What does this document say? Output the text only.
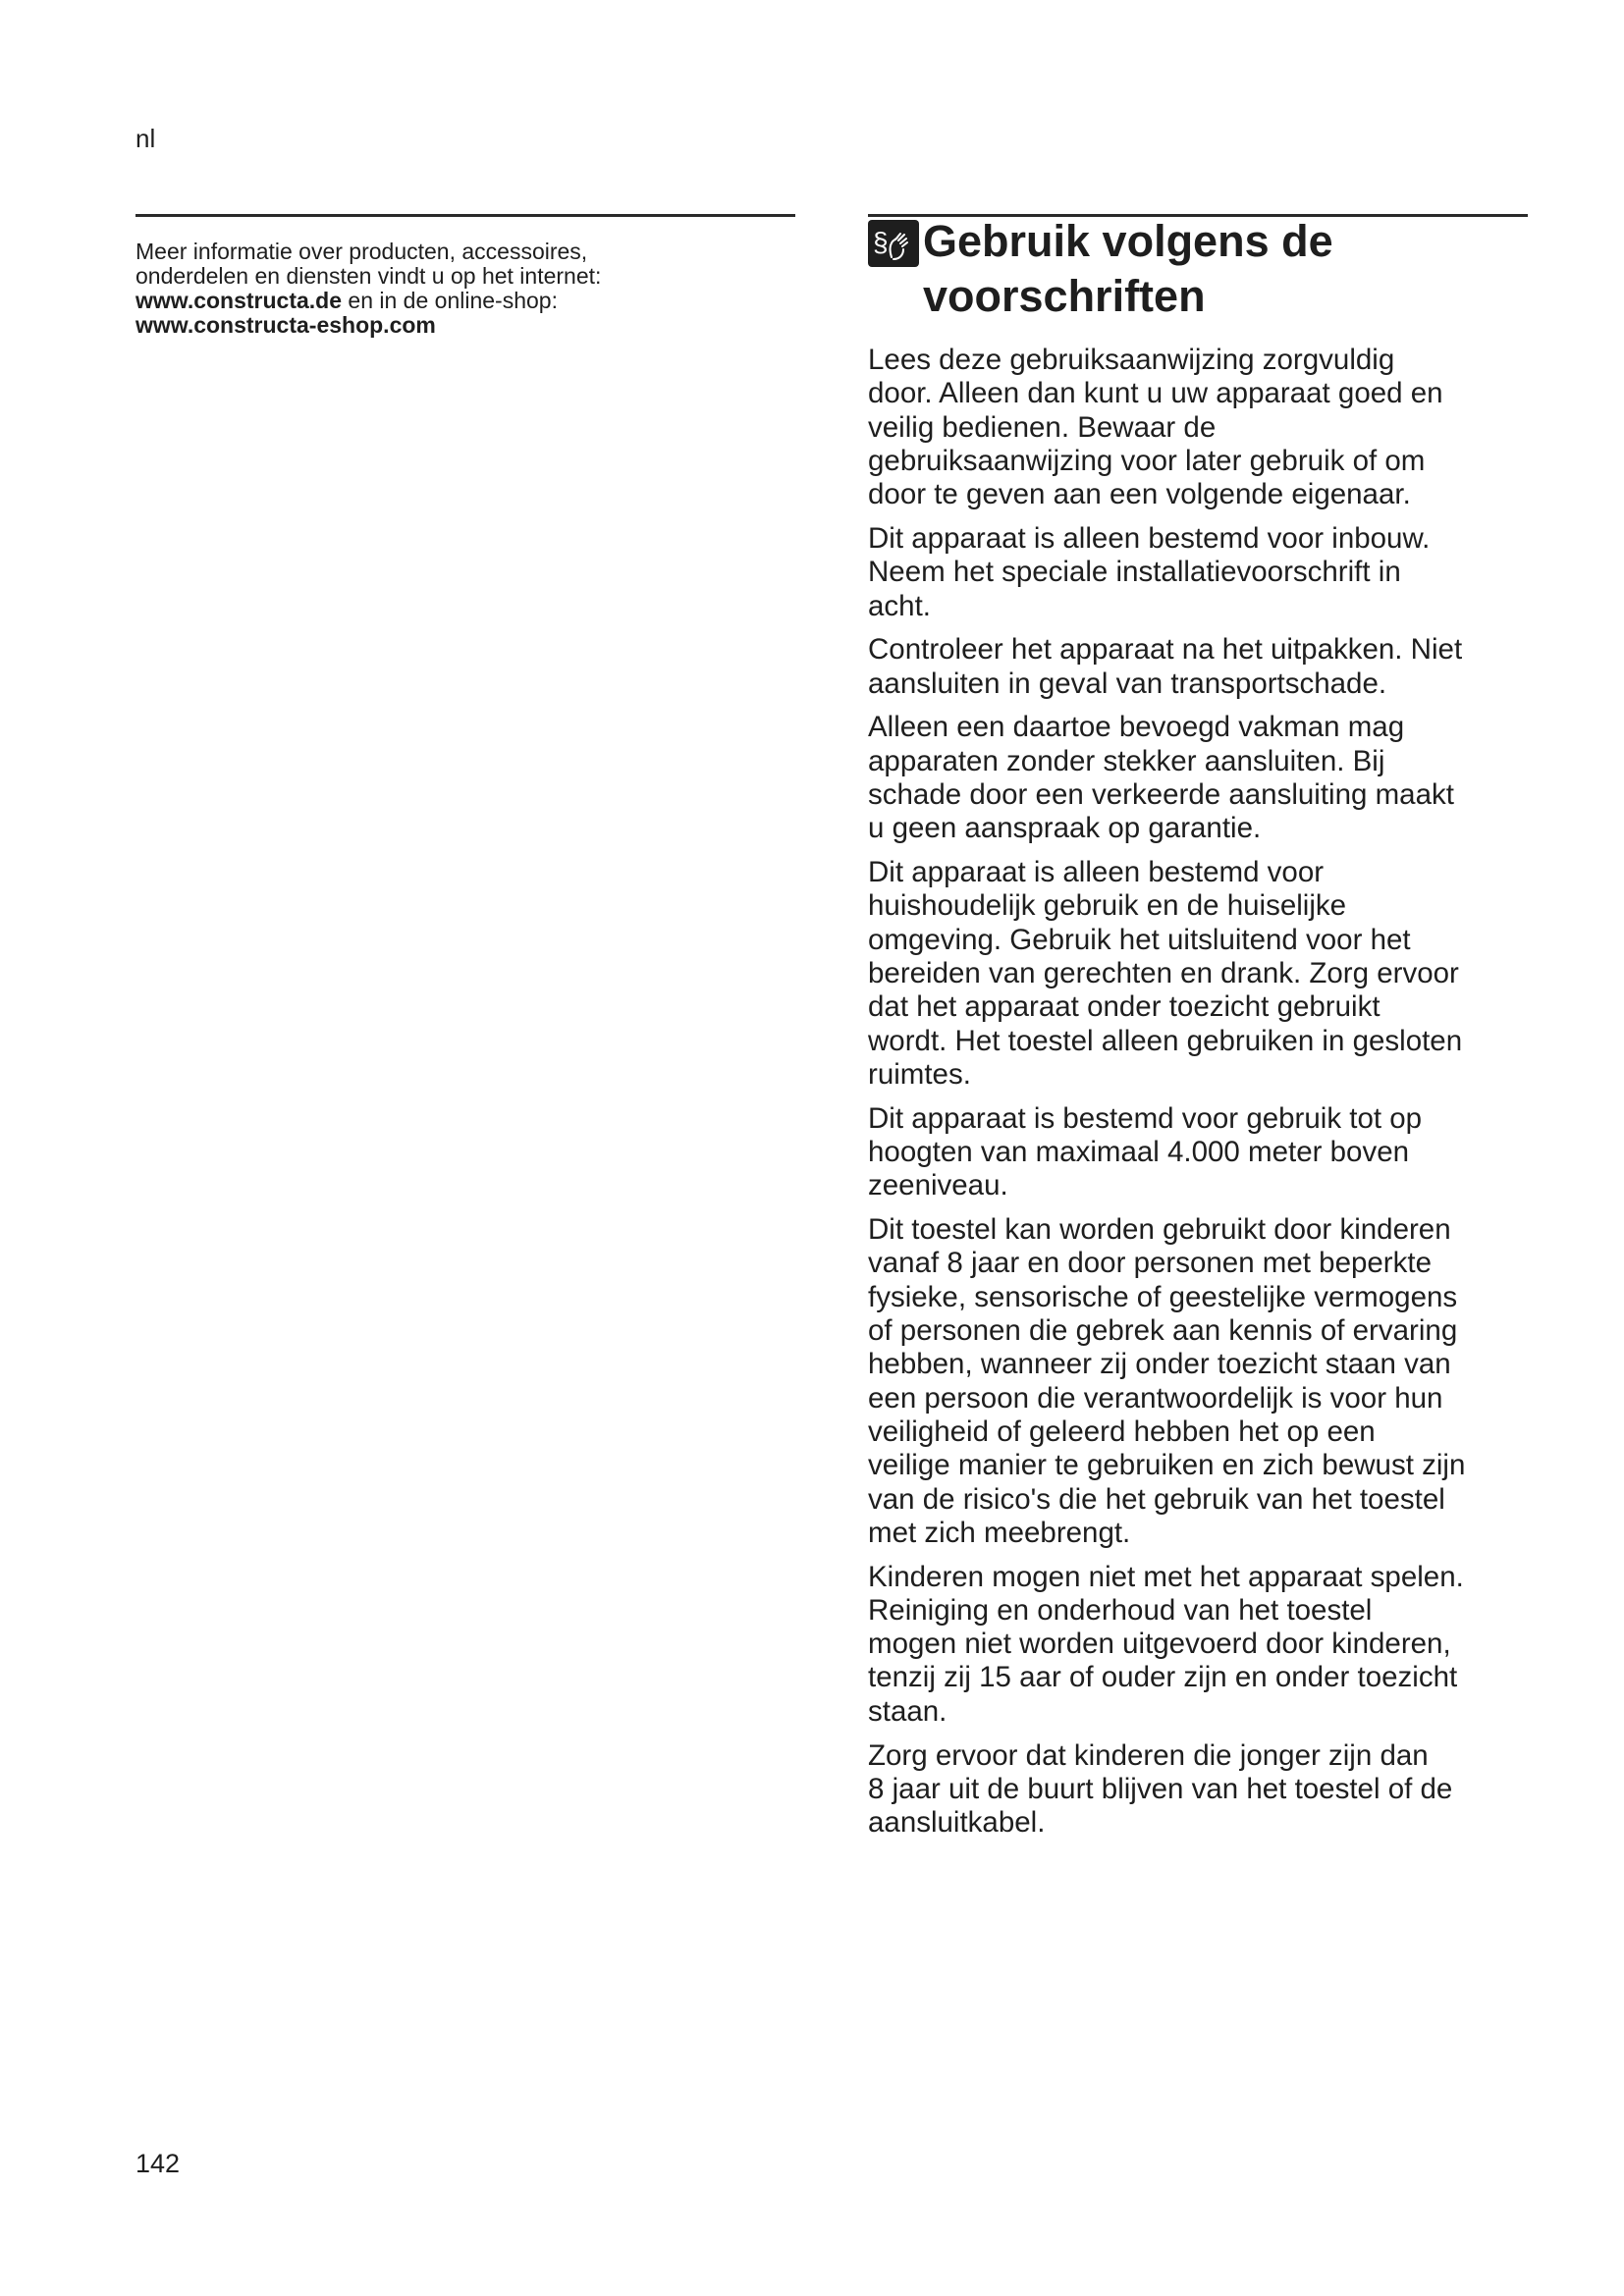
nl
Meer informatie over producten, accessoires,
onderdelen en diensten vindt u op het internet:
www.constructa.de en in de online-shop:
www.constructa-eshop.com
§ Gebruik volgens de
voorschriften

Lees deze gebruiksaanwijzing zorgvuldig
door. Alleen dan kunt u uw apparaat goed en
veilig bedienen. Bewaar de
gebruiksaanwijzing voor later gebruik of om
door te geven aan een volgende eigenaar.

Dit apparaat is alleen bestemd voor inbouw.
Neem het speciale installatievoorschrift in
acht.

Controleer het apparaat na het uitpakken. Niet
aansluiten in geval van transportschade.

Alleen een daartoe bevoegd vakman mag
apparaten zonder stekker aansluiten. Bij
schade door een verkeerde aansluiting maakt
u geen aanspraak op garantie.

Dit apparaat is alleen bestemd voor
huishoudelijk gebruik en de huiselijke
omgeving. Gebruik het uitsluitend voor het
bereiden van gerechten en drank. Zorg ervoor
dat het apparaat onder toezicht gebruikt
wordt. Het toestel alleen gebruiken in gesloten
ruimtes.

Dit apparaat is bestemd voor gebruik tot op
hoogten van maximaal 4.000 meter boven
zeeniveau.

Dit toestel kan worden gebruikt door kinderen
vanaf 8 jaar en door personen met beperkte
fysieke, sensorische of geestelijke vermogens
of personen die gebrek aan kennis of ervaring
hebben, wanneer zij onder toezicht staan van
een persoon die verantwoordelijk is voor hun
veiligheid of geleerd hebben het op een
veilige manier te gebruiken en zich bewust zijn
van de risico's die het gebruik van het toestel
met zich meebrengt.

Kinderen mogen niet met het apparaat spelen.
Reiniging en onderhoud van het toestel
mogen niet worden uitgevoerd door kinderen,
tenzij zij 15 aar of ouder zijn en onder toezicht
staan.

Zorg ervoor dat kinderen die jonger zijn dan
8 jaar uit de buurt blijven van het toestel of de
aansluitkabel.

142
